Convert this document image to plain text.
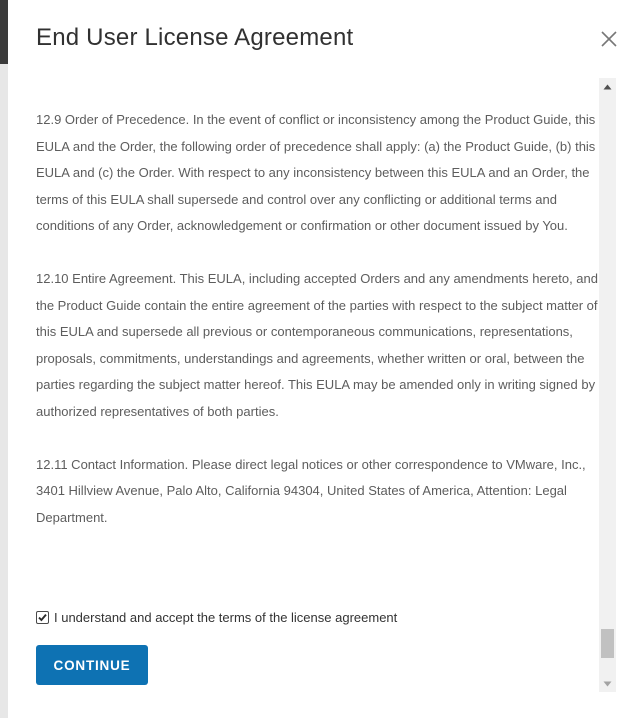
End User License Agreement

12.9 Order of Precedence. In the event of conflict or inconsistency among the Product Guide, this EULA and the Order, the following order of precedence shall apply: (a) the Product Guide, (b) this EULA and (c) the Order. With respect to any inconsistency between this EULA and an Order, the terms of this EULA shall supersede and control over any conflicting or additional terms and conditions of any Order, acknowledgement or confirmation or other document issued by You.

12.10 Entire Agreement. This EULA, including accepted Orders and any amendments hereto, and the Product Guide contain the entire agreement of the parties with respect to the subject matter of this EULA and supersede all previous or contemporaneous communications, representations, proposals, commitments, understandings and agreements, whether written or oral, between the parties regarding the subject matter hereof. This EULA may be amended only in writing signed by authorized representatives of both parties.

12.11 Contact Information. Please direct legal notices or other correspondence to VMware, Inc., 3401 Hillview Avenue, Palo Alto, California 94304, United States of America, Attention: Legal Department.

I understand and accept the terms of the license agreement
CONTINUE
